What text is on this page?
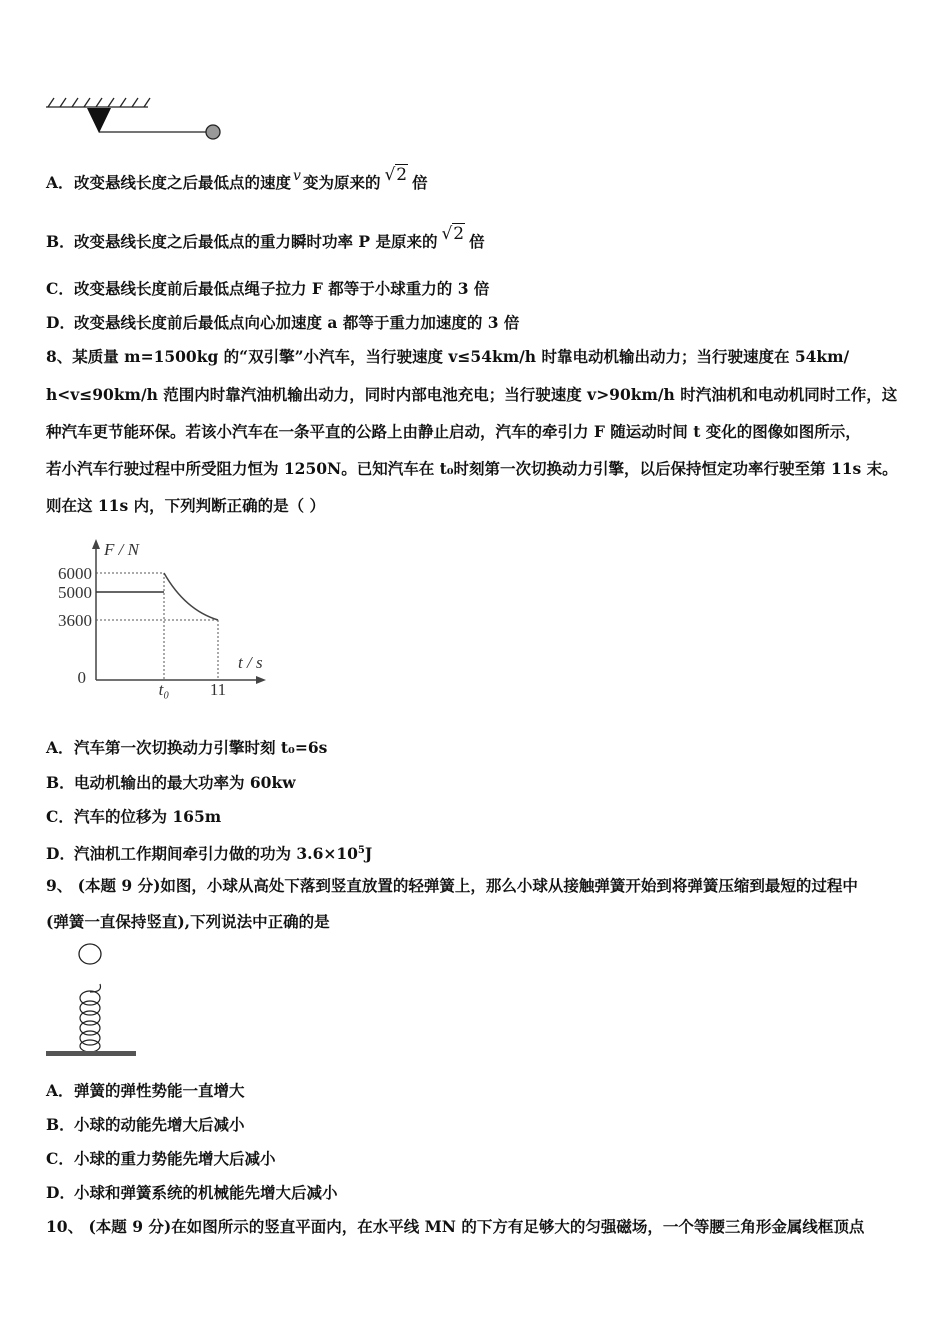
A．改变悬线长度之后最低点的速度 v 变为原来的 √2 倍
B．改变悬线长度之后最低点的重力瞬时功率 P 是原来的 √2 倍
C．改变悬线长度前后最低点绳子拉力 F 都等于小球重力的 3 倍
D．改变悬线长度前后最低点向心加速度 a 都等于重力加速度的 3 倍
8、某质量 m=1500kg 的“双引擎”小汽车，当行驶速度 v≤54km/h 时靠电动机输出动力；当行驶速度在 54km/
h<v≤90km/h 范围内时靠汽油机输出动力，同时内部电池充电；当行驶速度 v>90km/h 时汽油机和电动机同时工作，这
种汽车更节能环保。若该小汽车在一条平直的公路上由静止启动，汽车的牵引力 F 随运动时间 t 变化的图像如图所示，
若小汽车行驶过程中所受阻力恒为 1250N。已知汽车在 t₀时刻第一次切换动力引擎，以后保持恒定功率行驶至第 11s 末。
则在这 11s 内，下列判断正确的是（ ）
F / N
t / s
6000
5000
3600
0
t₀ 11
A．汽车第一次切换动力引擎时刻 t₀=6s
B．电动机输出的最大功率为 60kw
C．汽车的位移为 165m
D．汽油机工作期间牵引力做的功为 $3.6\times 10^5J$
9、 (本题 9 分)如图，小球从高处下落到竖直放置的轻弹簧上，那么小球从接触弹簧开始到将弹簧压缩到最短的过程中
(弹簧一直保持竖直),下列说法中正确的是
A．弹簧的弹性势能一直增大
B．小球的动能先增大后减小
C．小球的重力势能先增大后减小
D．小球和弹簧系统的机械能先增大后减小
10、 (本题 9 分)在如图所示的竖直平面内，在水平线 MN 的下方有足够大的匀强磁场，一个等腰三角形金属线框顶点
